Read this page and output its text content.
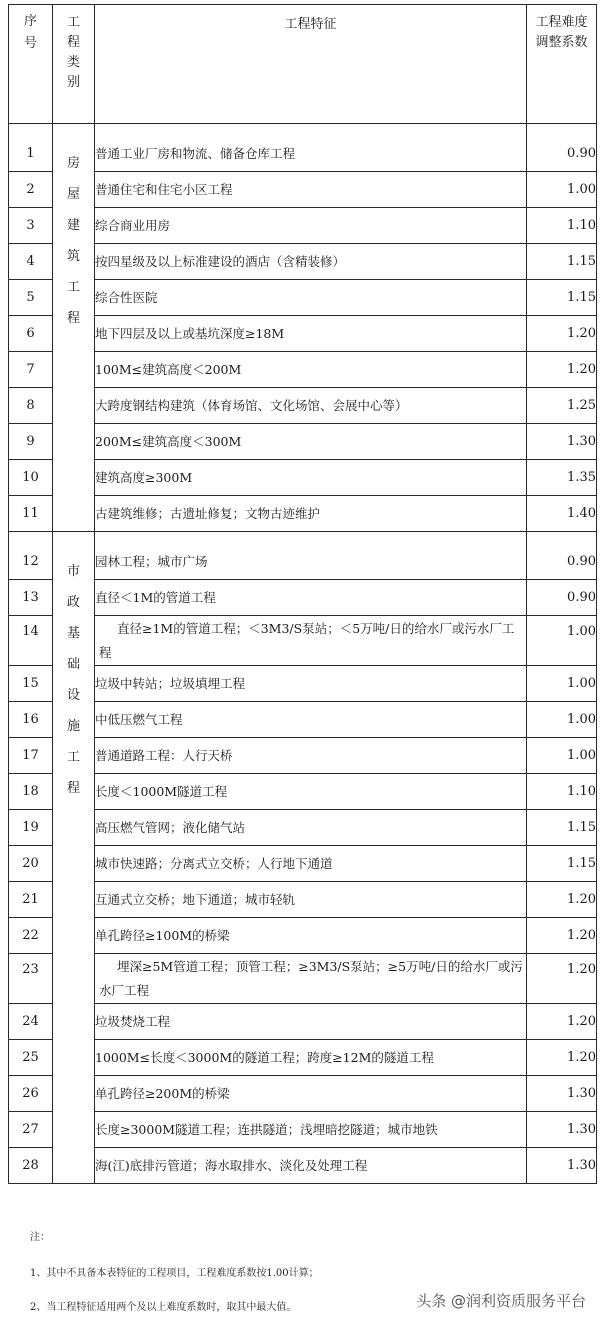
序号	工程类别	工程特征	工程难度调整系数

1	房屋建筑工程	普通工业厂房和物流、储备仓库工程	0.90
2		普通住宅和住宅小区工程	1.00
3		综合商业用房	1.10
4		按四星级及以上标准建设的酒店（含精装修）	1.15
5		综合性医院	1.15
6		地下四层及以上或基坑深度≥18M	1.20
7		100M≤建筑高度＜200M	1.20
8		大跨度钢结构建筑（体育场馆、文化场馆、会展中心等）	1.25
9		200M≤建筑高度＜300M	1.30
10		建筑高度≥300M	1.35
11		古建筑维修；古遗址修复；文物古迹维护	1.40
12	市政基础设施工程	园林工程；城市广场	0.90
13		直径＜1M的管道工程	0.90
14		直径≥1M的管道工程；＜3M3/S泵站；＜5万吨/日的给水厂或污水厂工程	1.00
15		垃圾中转站；垃圾填埋工程	1.00
16		中低压燃气工程	1.00
17		普通道路工程：人行天桥	1.00
18		长度＜1000M隧道工程	1.10
19		高压燃气管网；液化储气站	1.15
20		城市快速路；分离式立交桥；人行地下通道	1.15
21		互通式立交桥；地下通道；城市轻轨	1.20
22		单孔跨径≥100M的桥梁	1.20
23		埋深≥5M管道工程；顶管工程；≥3M3/S泵站；≥5万吨/日的给水厂或污水厂工程	1.20
24		垃圾焚烧工程	1.20
25		1000M≤长度＜3000M的隧道工程；跨度≥12M的隧道工程	1.20
26		单孔跨径≥200M的桥梁	1.30
27		长度≥3000M隧道工程；连拱隧道；浅埋暗挖隧道；城市地铁	1.30
28		海(江)底排污管道；海水取排水、淡化及处理工程	1.30
注：
1、其中不具备本表特征的工程项目，工程难度系数按1.00计算；
2、当工程特征适用两个及以上难度系数时，取其中最大值。	头条 @润利资质服务平台
